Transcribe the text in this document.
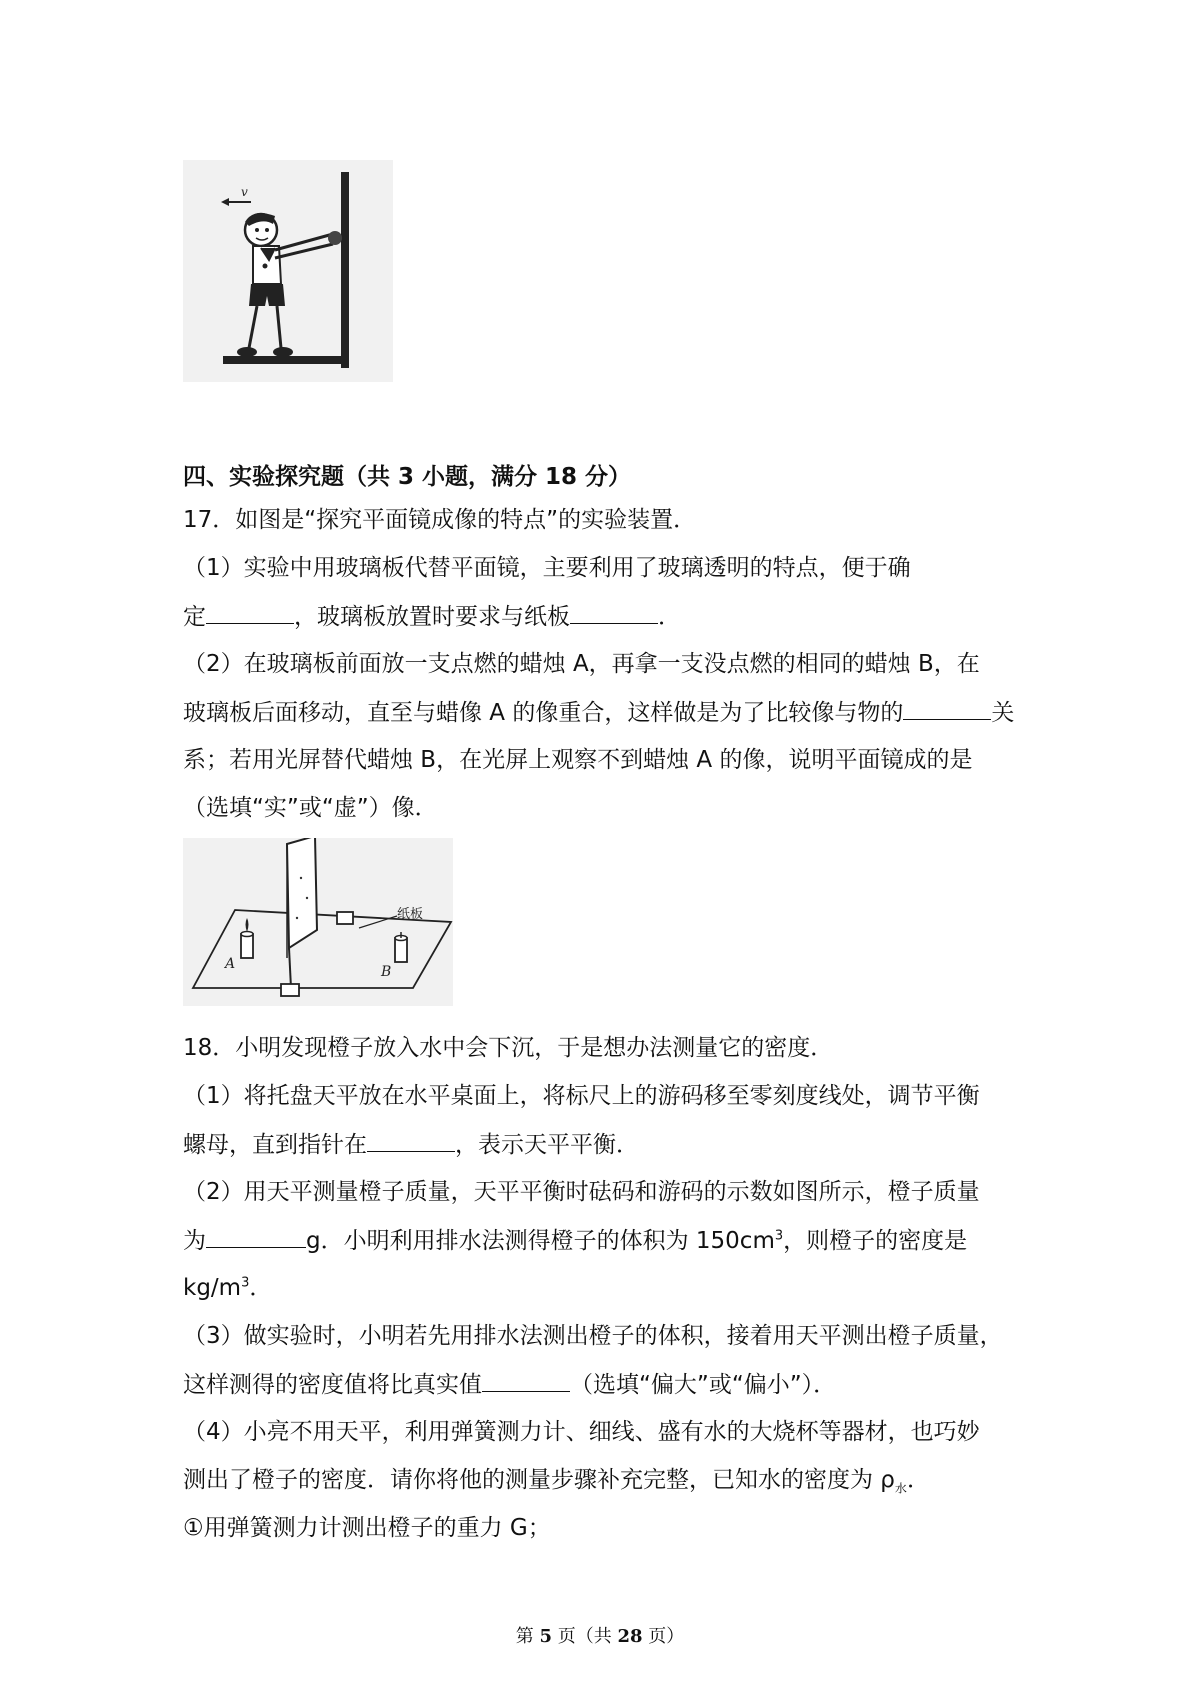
v
四、实验探究题（共 3 小题，满分 18 分）
17．如图是“探究平面镜成像的特点”的实验装置．
（1）实验中用玻璃板代替平面镜，主要利用了玻璃透明的特点，便于确
定	，玻璃板放置时要求与纸板	．
（2）在玻璃板前面放一支点燃的蜡烛 A，再拿一支没点燃的相同的蜡烛 B，在
玻璃板后面移动，直至与蜡像 A 的像重合，这样做是为了比较像与物的	关
系；若用光屏替代蜡烛 B，在光屏上观察不到蜡烛 A 的像，说明平面镜成的是
（选填“实”或“虚”）像．
纸板
A	B
18．小明发现橙子放入水中会下沉，于是想办法测量它的密度．
（1）将托盘天平放在水平桌面上，将标尺上的游码移至零刻度线处，调节平衡
螺母，直到指针在	，表示天平平衡．
（2）用天平测量橙子质量，天平平衡时砝码和游码的示数如图所示，橙子质量
为	g．小明利用排水法测得橙子的体积为 $150cm^3$，则橙子的密度是
$kg/m^3$．
（3）做实验时，小明若先用排水法测出橙子的体积，接着用天平测出橙子质量，
这样测得的密度值将比真实值	（选填“偏大”或“偏小”）．
（4）小亮不用天平，利用弹簧测力计、细线、盛有水的大烧杯等器材，也巧妙
测出了橙子的密度．请你将他的测量步骤补充完整，已知水的密度为 $\rho_水$．
①用弹簧测力计测出橙子的重力 G；
第 5 页（共 28 页）
